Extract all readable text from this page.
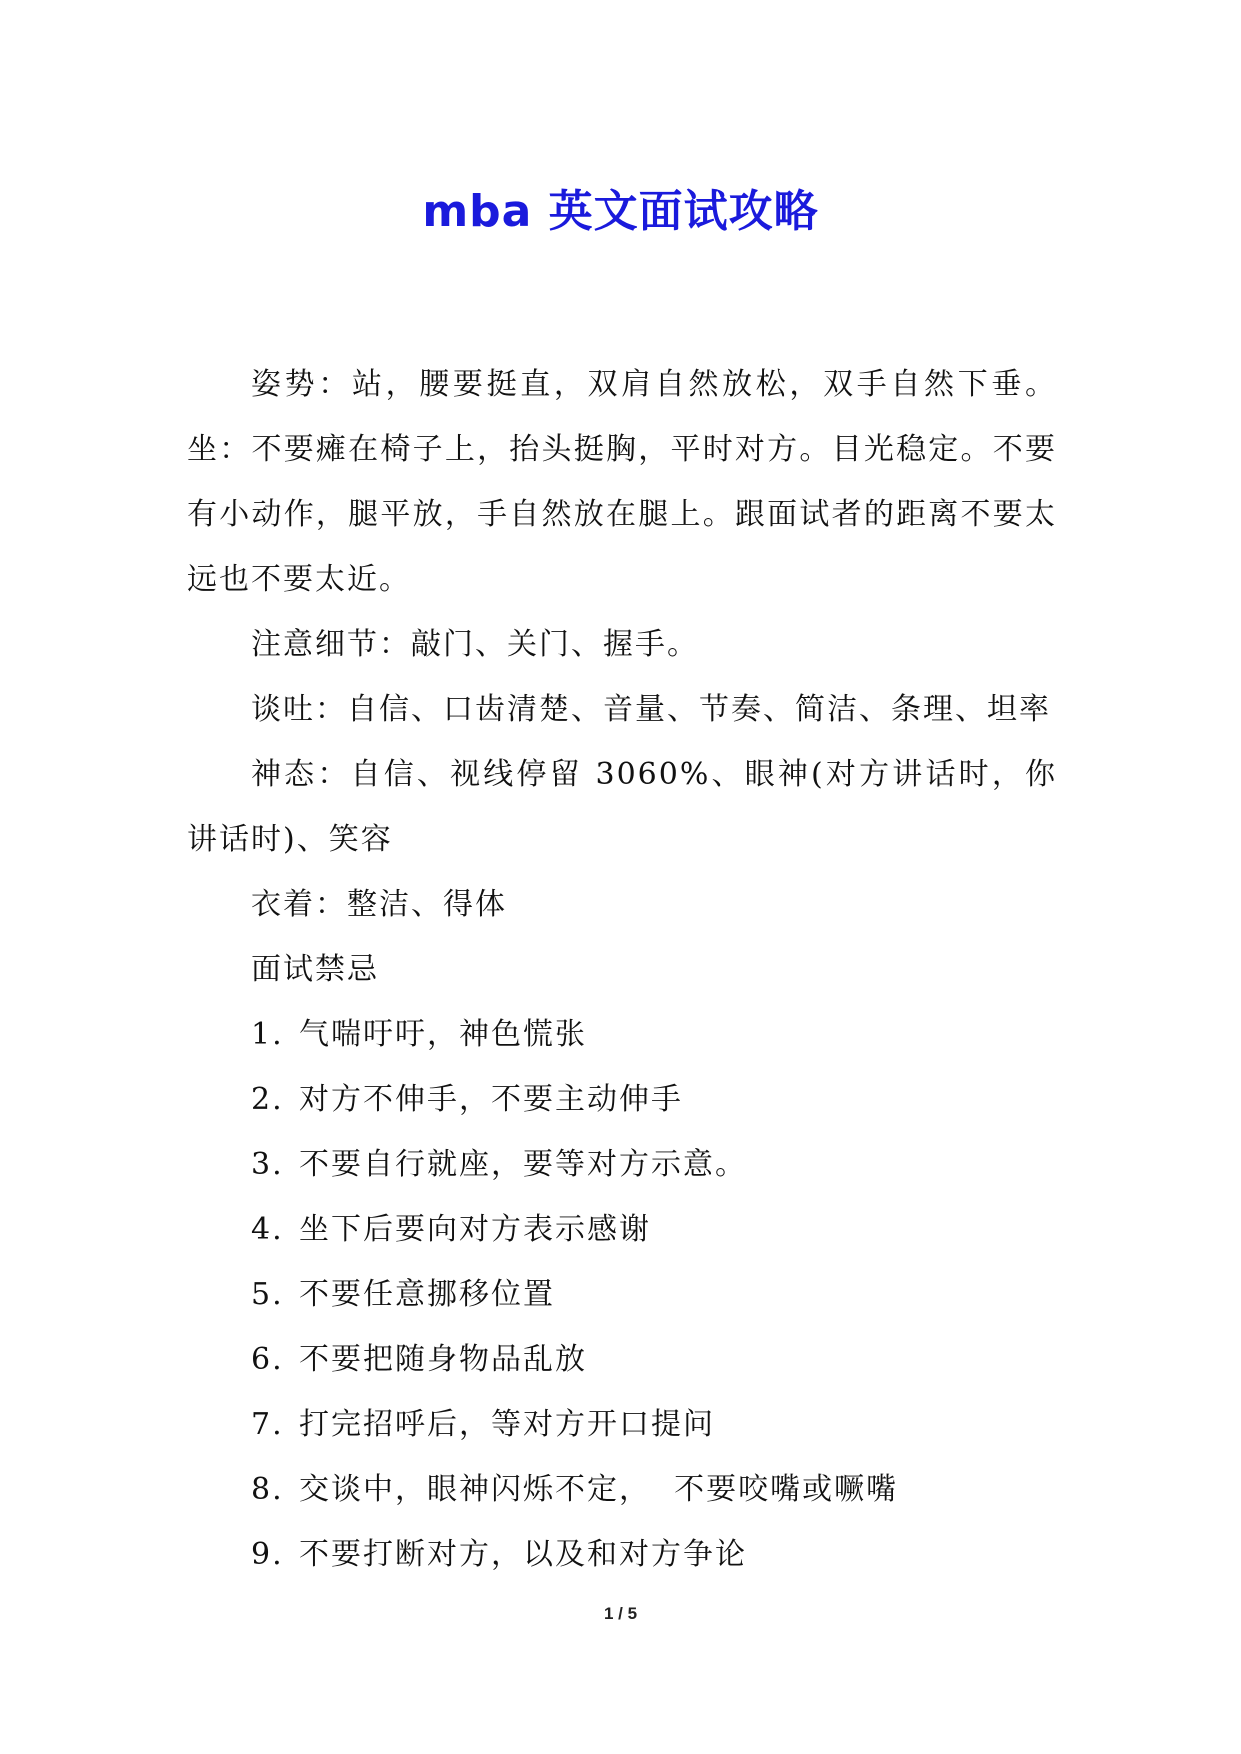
mba 英文面试攻略

姿势：站，腰要挺直，双肩自然放松，双手自然下垂。坐：不要瘫在椅子上，抬头挺胸，平时对方。目光稳定。不要有小动作，腿平放，手自然放在腿上。跟面试者的距离不要太远也不要太近。

注意细节：敲门、关门、握手。

谈吐：自信、口齿清楚、音量、节奏、简洁、条理、坦率

神态：自信、视线停留 3060%、眼神(对方讲话时，你讲话时)、笑容

衣着：整洁、得体

面试禁忌

1. 气喘吁吁，神色慌张

2. 对方不伸手，不要主动伸手

3. 不要自行就座，要等对方示意。

4. 坐下后要向对方表示感谢

5. 不要任意挪移位置

6. 不要把随身物品乱放

7. 打完招呼后，等对方开口提问

8. 交谈中，眼神闪烁不定，  不要咬嘴或噘嘴

9. 不要打断对方，以及和对方争论

1 / 5
